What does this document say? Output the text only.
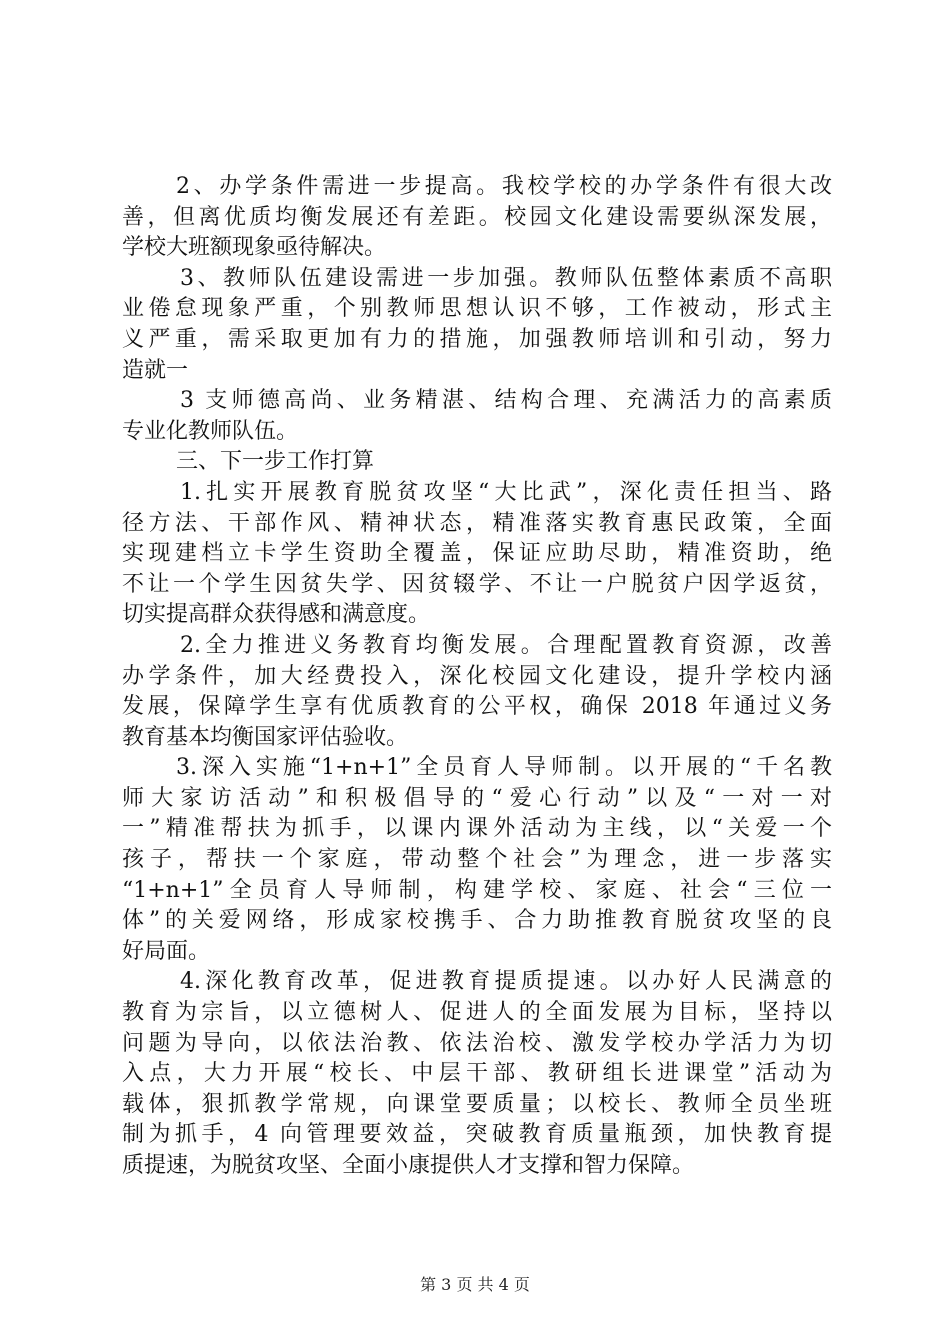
2、办学条件需进一步提高。我校学校的办学条件有很大改
善，但离优质均衡发展还有差距。校园文化建设需要纵深发展，
学校大班额现象亟待解决。
3、教师队伍建设需进一步加强。教师队伍整体素质不高职
业倦怠现象严重，个别教师思想认识不够，工作被动，形式主
义严重，需采取更加有力的措施，加强教师培训和引动，努力
造就一
3 支师德高尚、业务精湛、结构合理、充满活力的高素质
专业化教师队伍。
三、下一步工作打算
1.扎实开展教育脱贫攻坚“大比武”，深化责任担当、路
径方法、干部作风、精神状态，精准落实教育惠民政策，全面
实现建档立卡学生资助全覆盖，保证应助尽助，精准资助，绝
不让一个学生因贫失学、因贫辍学、不让一户脱贫户因学返贫，
切实提高群众获得感和满意度。
2.全力推进义务教育均衡发展。合理配置教育资源，改善
办学条件，加大经费投入，深化校园文化建设，提升学校内涵
发展，保障学生享有优质教育的公平权，确保 2018 年通过义务
教育基本均衡国家评估验收。
3.深入实施“1+n+1”全员育人导师制。以开展的“千名教
师大家访活动”和积极倡导的“爱心行动”以及“一对一对
一”精准帮扶为抓手，以课内课外活动为主线，以“关爱一个
孩子，帮扶一个家庭，带动整个社会”为理念，进一步落实
“1+n+1”全员育人导师制，构建学校、家庭、社会“三位一
体”的关爱网络，形成家校携手、合力助推教育脱贫攻坚的良
好局面。
4.深化教育改革，促进教育提质提速。以办好人民满意的
教育为宗旨，以立德树人、促进人的全面发展为目标，坚持以
问题为导向，以依法治教、依法治校、激发学校办学活力为切
入点，大力开展“校长、中层干部、教研组长进课堂”活动为
载体，狠抓教学常规，向课堂要质量；以校长、教师全员坐班
制为抓手，4 向管理要效益，突破教育质量瓶颈，加快教育提
质提速，为脱贫攻坚、全面小康提供人才支撑和智力保障。
第 3 页 共 4 页
